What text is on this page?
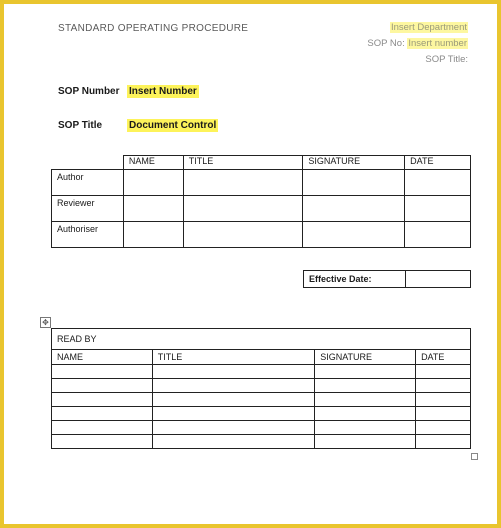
STANDARD OPERATING PROCEDURE	Insert Department
SOP No: Insert number
SOP Title:
SOP Number Insert Number
SOP Title	Document Control
	NAME	TITLE	SIGNATURE	DATE
Author				
Reviewer				
Authoriser				
Effective Date:	
✥
READ BY			
NAME	TITLE	SIGNATURE	DATE
